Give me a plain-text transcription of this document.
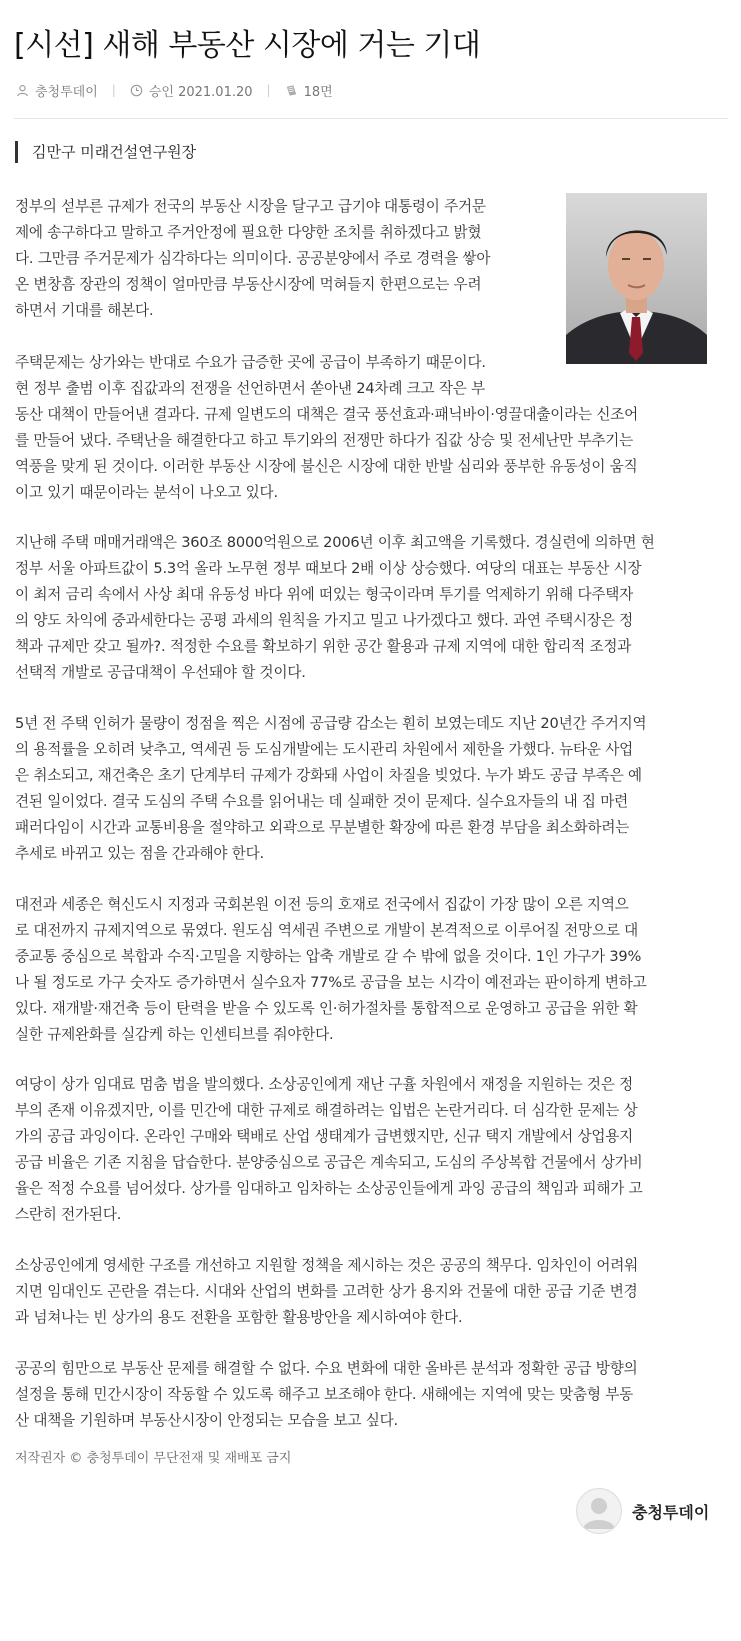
[시선] 새해 부동산 시장에 거는 기대
충청투데이 |	승인 2021.01.20 |	18면
김만구 미래건설연구원장

정부의 섣부른 규제가 전국의 부동산 시장을 달구고 급기야 대통령이 주거문
제에 송구하다고 말하고 주거안정에 필요한 다양한 조치를 취하겠다고 밝혔
다. 그만큼 주거문제가 심각하다는 의미이다. 공공분양에서 주로 경력을 쌓아
온 변창흠 장관의 정책이 얼마만큼 부동산시장에 먹혀들지 한편으로는 우려
하면서 기대를 해본다.

주택문제는 상가와는 반대로 수요가 급증한 곳에 공급이 부족하기 때문이다.
현 정부 출범 이후 집값과의 전쟁을 선언하면서 쏟아낸 24차례 크고 작은 부
동산 대책이 만들어낸 결과다. 규제 일변도의 대책은 결국 풍선효과·패닉바이·영끌대출이라는 신조어
를 만들어 냈다. 주택난을 해결한다고 하고 투기와의 전쟁만 하다가 집값 상승 및 전세난만 부추기는
역풍을 맞게 된 것이다. 이러한 부동산 시장에 불신은 시장에 대한 반발 심리와 풍부한 유동성이 움직
이고 있기 때문이라는 분석이 나오고 있다.

지난해 주택 매매거래액은 360조 8000억원으로 2006년 이후 최고액을 기록했다. 경실련에 의하면 현
정부 서울 아파트값이 5.3억 올라 노무현 정부 때보다 2배 이상 상승했다. 여당의 대표는 부동산 시장
이 최저 금리 속에서 사상 최대 유동성 바다 위에 떠있는 형국이라며 투기를 억제하기 위해 다주택자
의 양도 차익에 중과세한다는 공평 과세의 원칙을 가지고 밀고 나가겠다고 했다. 과연 주택시장은 정
책과 규제만 갖고 될까?. 적정한 수요를 확보하기 위한 공간 활용과 규제 지역에 대한 합리적 조정과
선택적 개발로 공급대책이 우선돼야 할 것이다.

5년 전 주택 인허가 물량이 정점을 찍은 시점에 공급량 감소는 훤히 보였는데도 지난 20년간 주거지역
의 용적률을 오히려 낮추고, 역세권 등 도심개발에는 도시관리 차원에서 제한을 가했다. 뉴타운 사업
은 취소되고, 재건축은 초기 단계부터 규제가 강화돼 사업이 차질을 빚었다. 누가 봐도 공급 부족은 예
견된 일이었다. 결국 도심의 주택 수요를 읽어내는 데 실패한 것이 문제다. 실수요자들의 내 집 마련
패러다임이 시간과 교통비용을 절약하고 외곽으로 무분별한 확장에 따른 환경 부담을 최소화하려는
추세로 바뀌고 있는 점을 간과해야 한다.

대전과 세종은 혁신도시 지정과 국회본원 이전 등의 호재로 전국에서 집값이 가장 많이 오른 지역으
로 대전까지 규제지역으로 묶였다. 원도심 역세권 주변으로 개발이 본격적으로 이루어질 전망으로 대
중교통 중심으로 복합과 수직·고밀을 지향하는 압축 개발로 갈 수 밖에 없을 것이다. 1인 가구가 39%
나 될 정도로 가구 숫자도 증가하면서 실수요자 77%로 공급을 보는 시각이 예전과는 판이하게 변하고
있다. 재개발·재건축 등이 탄력을 받을 수 있도록 인·허가절차를 통합적으로 운영하고 공급을 위한 확
실한 규제완화를 실감케 하는 인센티브를 줘야한다.

여당이 상가 임대료 멈춤 법을 발의했다. 소상공인에게 재난 구휼 차원에서 재정을 지원하는 것은 정
부의 존재 이유겠지만, 이를 민간에 대한 규제로 해결하려는 입법은 논란거리다. 더 심각한 문제는 상
가의 공급 과잉이다. 온라인 구매와 택배로 산업 생태계가 급변했지만, 신규 택지 개발에서 상업용지
공급 비율은 기존 지침을 답습한다. 분양중심으로 공급은 계속되고, 도심의 주상복합 건물에서 상가비
율은 적정 수요를 넘어섰다. 상가를 임대하고 임차하는 소상공인들에게 과잉 공급의 책임과 피해가 고
스란히 전가된다.

소상공인에게 영세한 구조를 개선하고 지원할 정책을 제시하는 것은 공공의 책무다. 임차인이 어려워
지면 임대인도 곤란을 겪는다. 시대와 산업의 변화를 고려한 상가 용지와 건물에 대한 공급 기준 변경
과 넘쳐나는 빈 상가의 용도 전환을 포함한 활용방안을 제시하여야 한다.

공공의 힘만으로 부동산 문제를 해결할 수 없다. 수요 변화에 대한 올바른 분석과 정확한 공급 방향의
설정을 통해 민간시장이 작동할 수 있도록 해주고 보조해야 한다. 새해에는 지역에 맞는 맞춤형 부동
산 대책을 기원하며 부동산시장이 안정되는 모습을 보고 싶다.

저작권자 © 충청투데이 무단전재 및 재배포 금지
충청투데이
